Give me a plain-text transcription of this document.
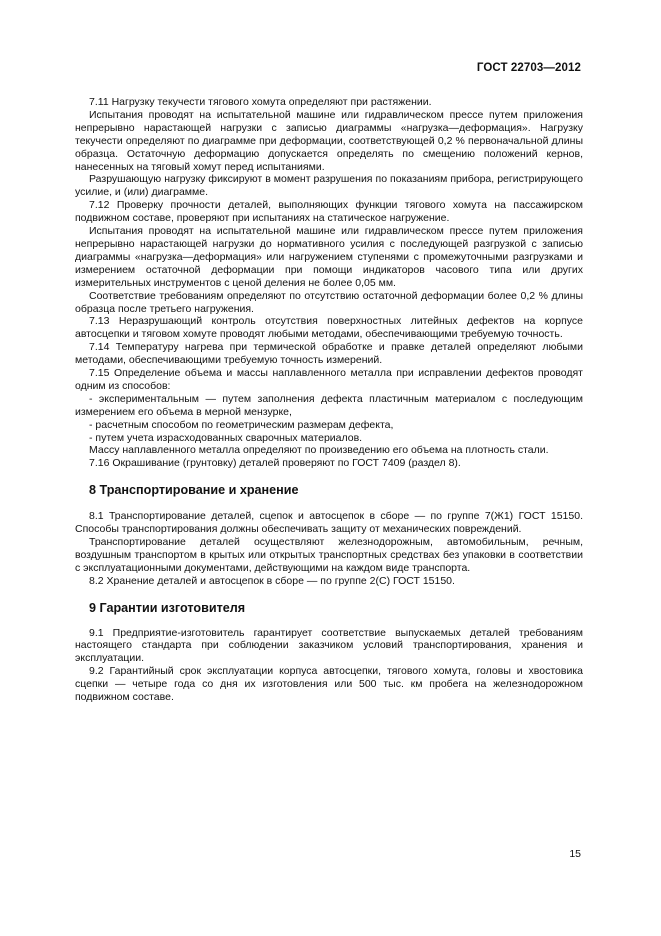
ГОСТ 22703—2012

7.11 Нагрузку текучести тягового хомута определяют при растяжении.

Испытания проводят на испытательной машине или гидравлическом прессе путем приложения непрерывно нарастающей нагрузки с записью диаграммы «нагрузка—деформация». Нагрузку текучести определяют по диаграмме при деформации, соответствующей 0,2 % первоначальной длины образца. Остаточную деформацию допускается определять по смещению положений кернов, нанесенных на тяговый хомут перед испытаниями.

Разрушающую нагрузку фиксируют в момент разрушения по показаниям прибора, регистрирующего усилие, и (или) диаграмме.

7.12 Проверку прочности деталей, выполняющих функции тягового хомута на пассажирском подвижном составе, проверяют при испытаниях на статическое нагружение.

Испытания проводят на испытательной машине или гидравлическом прессе путем приложения непрерывно нарастающей нагрузки до нормативного усилия с последующей разгрузкой с записью диаграммы «нагрузка—деформация» или нагружением ступенями с промежуточными разгрузками и измерением остаточной деформации при помощи индикаторов часового типа или других измерительных инструментов с ценой деления не более 0,05 мм.

Соответствие требованиям определяют по отсутствию остаточной деформации более 0,2 % длины образца после третьего нагружения.

7.13 Неразрушающий контроль отсутствия поверхностных литейных дефектов на корпусе автосцепки и тяговом хомуте проводят любыми методами, обеспечивающими требуемую точность.

7.14 Температуру нагрева при термической обработке и правке деталей определяют любыми методами, обеспечивающими требуемую точность измерений.

7.15 Определение объема и массы наплавленного металла при исправлении дефектов проводят одним из способов:

- экспериментальным — путем заполнения дефекта пластичным материалом с последующим измерением его объема в мерной мензурке,

- расчетным способом по геометрическим размерам дефекта,

- путем учета израсходованных сварочных материалов.

Массу наплавленного металла определяют по произведению его объема на плотность стали.

7.16 Окрашивание (грунтовку) деталей проверяют по ГОСТ 7409 (раздел 8).

8 Транспортирование и хранение

8.1 Транспортирование деталей, сцепок и автосцепок в сборе — по группе 7(Ж1) ГОСТ 15150. Способы транспортирования должны обеспечивать защиту от механических повреждений.

Транспортирование деталей осуществляют железнодорожным, автомобильным, речным, воздушным транспортом в крытых или открытых транспортных средствах без упаковки в соответствии с эксплуатационными документами, действующими на каждом виде транспорта.

8.2 Хранение деталей и автосцепок в сборе — по группе 2(С) ГОСТ 15150.

9 Гарантии изготовителя

9.1 Предприятие-изготовитель гарантирует соответствие выпускаемых деталей требованиям настоящего стандарта при соблюдении заказчиком условий транспортирования, хранения и эксплуатации.

9.2 Гарантийный срок эксплуатации корпуса автосцепки, тягового хомута, головы и хвостовика сцепки — четыре года со дня их изготовления или 500 тыс. км пробега на железнодорожном подвижном составе.

15
